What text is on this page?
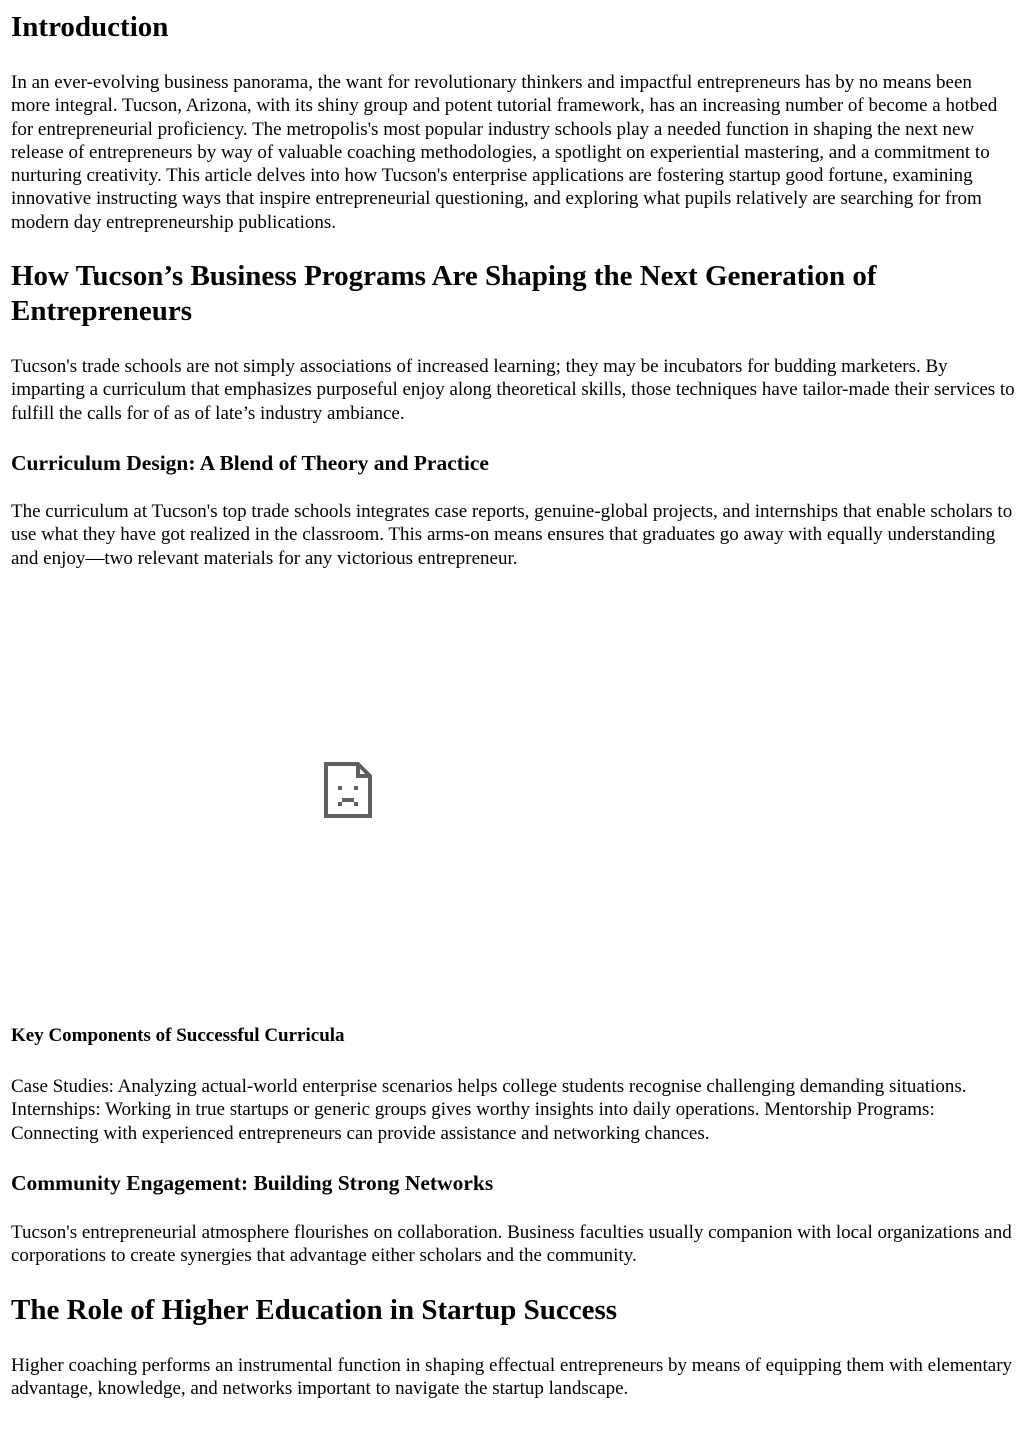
Introduction

In an ever-evolving business panorama, the want for revolutionary thinkers and impactful entrepreneurs has by no means been more integral. Tucson, Arizona, with its shiny group and potent tutorial framework, has an increasing number of become a hotbed for entrepreneurial proficiency. The metropolis's most popular industry schools play a needed function in shaping the next new release of entrepreneurs by way of valuable coaching methodologies, a spotlight on experiential mastering, and a commitment to nurturing creativity. This article delves into how Tucson's enterprise applications are fostering startup good fortune, examining innovative instructing ways that inspire entrepreneurial questioning, and exploring what pupils relatively are searching for from modern day entrepreneurship publications.

How Tucson’s Business Programs Are Shaping the Next Generation of Entrepreneurs

Tucson's trade schools are not simply associations of increased learning; they may be incubators for budding marketers. By imparting a curriculum that emphasizes purposeful enjoy along theoretical skills, those techniques have tailor-made their services to fulfill the calls for of as of late’s industry ambiance.

Curriculum Design: A Blend of Theory and Practice

The curriculum at Tucson's top trade schools integrates case reports, genuine-global projects, and internships that enable scholars to use what they have got realized in the classroom. This arms-on means ensures that graduates go away with equally understanding and enjoy—two relevant materials for any victorious entrepreneur.

Key Components of Successful Curricula

Case Studies: Analyzing actual-world enterprise scenarios helps college students recognise challenging demanding situations. Internships: Working in true startups or generic groups gives worthy insights into daily operations. Mentorship Programs: Connecting with experienced entrepreneurs can provide assistance and networking chances.

Community Engagement: Building Strong Networks

Tucson's entrepreneurial atmosphere flourishes on collaboration. Business faculties usually companion with local organizations and corporations to create synergies that advantage either scholars and the community.

The Role of Higher Education in Startup Success

Higher coaching performs an instrumental function in shaping effectual entrepreneurs by means of equipping them with elementary advantage, knowledge, and networks important to navigate the startup landscape.
